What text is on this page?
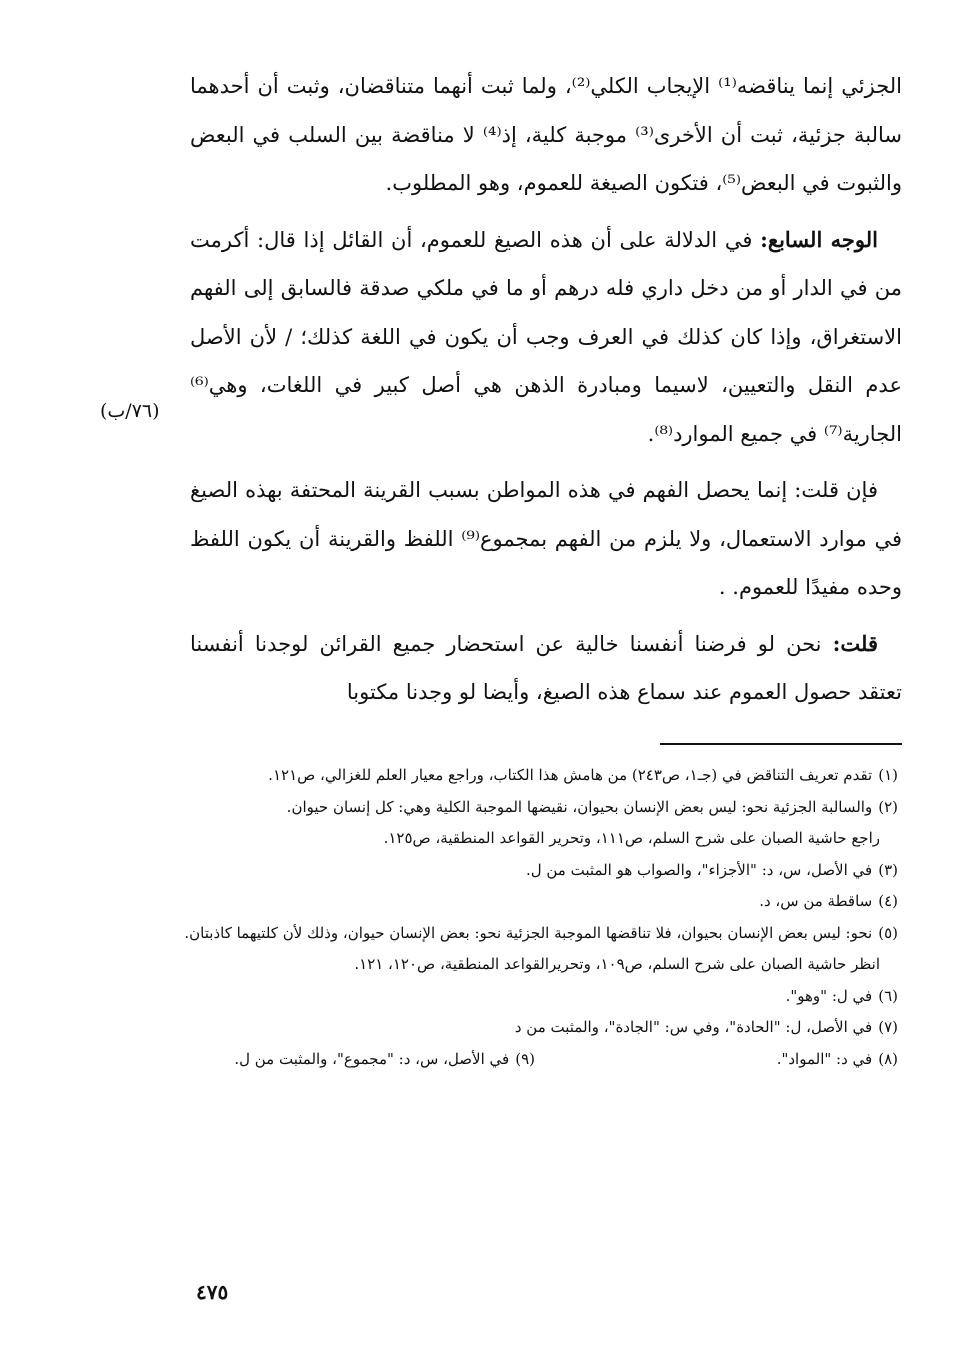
الجزئي إنما يناقضه⁽¹⁾ الإيجاب الكلي⁽²⁾، ولما ثبت أنهما متناقضان، وثبت أن أحدهما سالبة جزئية، ثبت أن الأخرى⁽³⁾ موجبة كلية، إذ⁽⁴⁾ لا مناقضة بين السلب في البعض والثبوت في البعض⁽⁵⁾، فتكون الصيغة للعموم، وهو المطلوب.

الوجه السابع: في الدلالة على أن هذه الصيغ للعموم، أن القائل إذا قال: أكرمت من في الدار أو من دخل داري فله درهم أو ما في ملكي صدقة فالسابق إلى الفهم الاستغراق، وإذا كان كذلك في العرف وجب أن يكون في اللغة كذلك؛ / لأن الأصل عدم النقل والتعيين، لاسيما ومبادرة الذهن هي أصل كبير في اللغات، وهي⁽⁶⁾ الجارية⁽⁷⁾ في جميع الموارد⁽⁸⁾.

فإن قلت: إنما يحصل الفهم في هذه المواطن بسبب القرينة المحتفة بهذه الصيغ في موارد الاستعمال، ولا يلزم من الفهم بمجموع⁽⁹⁾ اللفظ والقرينة أن يكون اللفظ وحده مفيدًا للعموم. .

قلت: نحن لو فرضنا أنفسنا خالية عن استحضار جميع القرائن لوجدنا أنفسنا تعتقد حصول العموم عند سماع هذه الصيغ، وأيضا لو وجدنا مكتوبا

(٧٦/ب)
(١)
تقدم تعريف التناقض في (جـ١، ص٢٤٣) من هامش هذا الكتاب، وراجع معيار العلم للغزالي، ص١٢١.
(٢)
والسالبة الجزئية نحو: ليس بعض الإنسان بحيوان، نقيضها الموجبة الكلية وهي: كل إنسان حيوان.
راجع حاشية الصبان على شرح السلم، ص١١١، وتحرير القواعد المنطقية، ص١٢٥.
(٣)
في الأصل، س، د: "الأجزاء"، والصواب هو المثبت من ل.
(٤)
ساقطة من س، د.
(٥)
نحو: ليس بعض الإنسان بحيوان، فلا تناقضها الموجبة الجزئية نحو: بعض الإنسان حيوان، وذلك لأن كلتيهما كاذبتان.
انظر حاشية الصبان على شرح السلم، ص١٠٩، وتحريرالقواعد المنطقية، ص١٢٠، ١٢١.
(٦)
في ل: "وهو".
(٧)
في الأصل، ل: "الحادة"، وفي س: "الجادة"، والمثبت من د
(٨)
في د: "المواد".
(٩)
في الأصل، س، د: "مجموع"، والمثبت من ل.
٤٧٥
